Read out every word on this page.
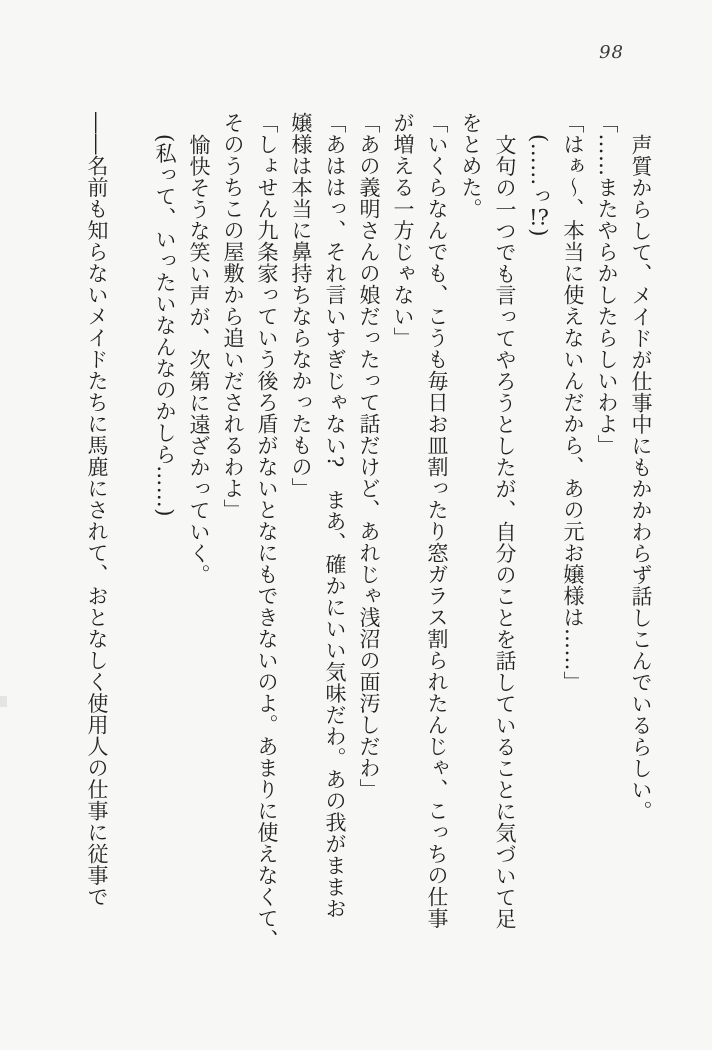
98

声質からして、メイドが仕事中にもかかわらず話しこんでいるらしい。

「……またやらかしたらしいわよ」

「はぁ〜、本当に使えないんだから、あの元お嬢様は……」

(……っ!?)

文句の一つでも言ってやろうとしたが、自分のことを話していることに気づいて足

をとめた。

「いくらなんでも、こうも毎日お皿割ったり窓ガラス割られたんじゃ、こっちの仕事

が増える一方じゃない」

「あの義明さんの娘だったって話だけど、あれじゃ浅沼の面汚しだわ」

「あははっ、それ言いすぎじゃない?　まあ、確かにいい気味だわ。あの我がままお

嬢様は本当に鼻持ちならなかったもの」

「しょせん九条家っていう後ろ盾がないとなにもできないのよ。あまりに使えなくて、

そのうちこの屋敷から追いだされるわよ」

愉快そうな笑い声が、次第に遠ざかっていく。

(私って、いったいなんなのかしら……)

――名前も知らないメイドたちに馬鹿にされて、おとなしく使用人の仕事に従事で
